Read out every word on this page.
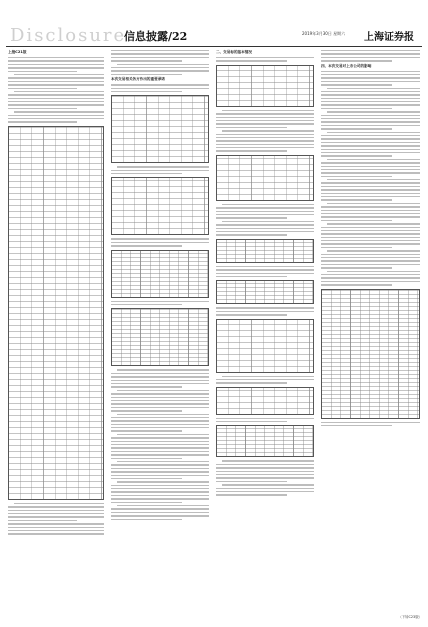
Disclosure
信息披露/22	2019年3月30日 星期六 上海证券报
上接C21版
本次交易相关各方作出的重要承诺
二、交易标的基本情况
四、本次交易对上市公司的影响
（下转C23版）
